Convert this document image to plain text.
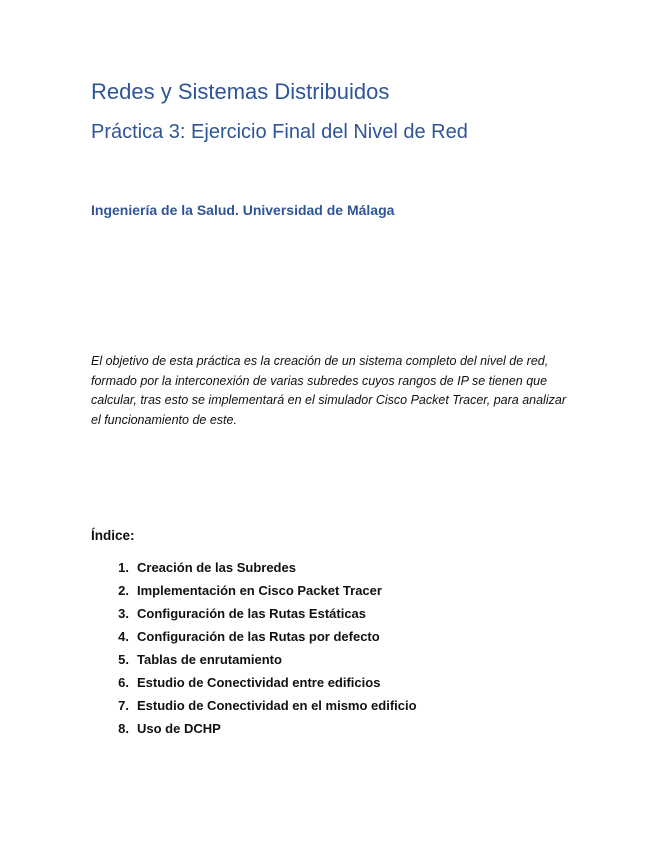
Redes y Sistemas Distribuidos
Práctica 3: Ejercicio Final del Nivel de Red

Ingeniería de la Salud. Universidad de Málaga

El objetivo de esta práctica es la creación de un sistema completo del nivel de red, formado por la interconexión de varias subredes cuyos rangos de IP se tienen que calcular, tras esto se implementará en el simulador Cisco Packet Tracer, para analizar el funcionamiento de este.

Índice:

1. Creación de las Subredes
2. Implementación en Cisco Packet Tracer
3. Configuración de las Rutas Estáticas
4. Configuración de las Rutas por defecto
5. Tablas de enrutamiento
6. Estudio de Conectividad entre edificios
7. Estudio de Conectividad en el mismo edificio
8. Uso de DCHP
